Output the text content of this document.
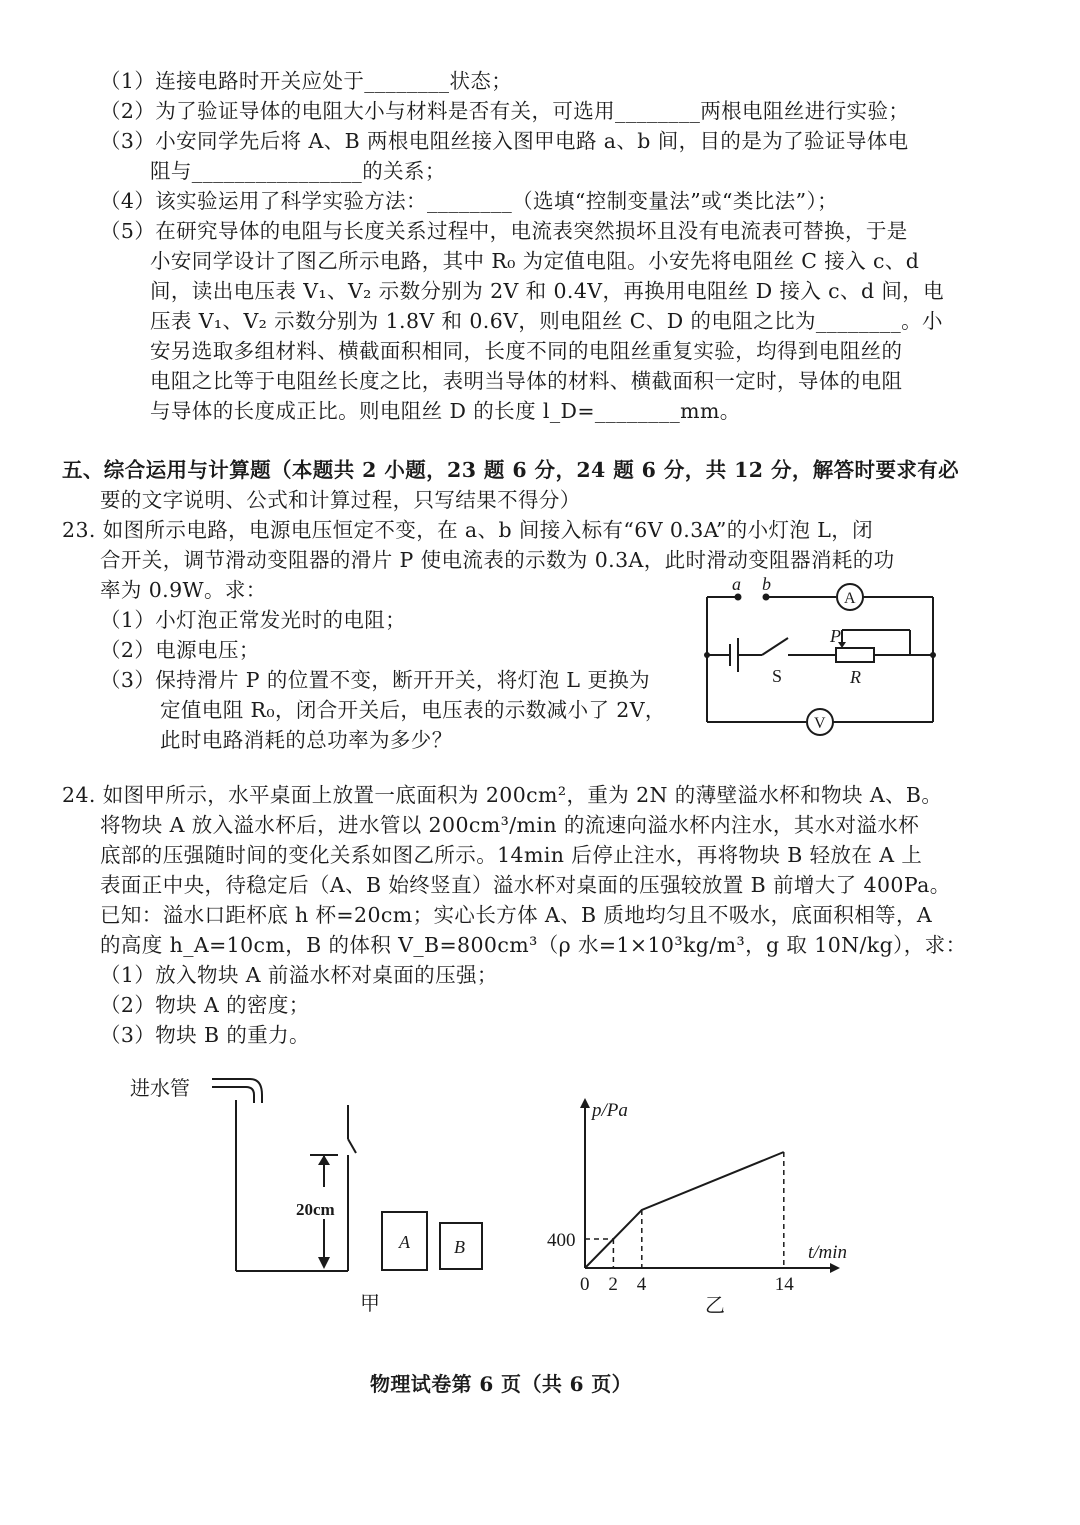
（1）连接电路时开关应处于________状态；
（2）为了验证导体的电阻大小与材料是否有关，可选用________两根电阻丝进行实验；
（3）小安同学先后将 A、B 两根电阻丝接入图甲电路 a、b 间，目的是为了验证导体电
阻与________________的关系；
（4）该实验运用了科学实验方法：________（选填“控制变量法”或“类比法”）；
（5）在研究导体的电阻与长度关系过程中，电流表突然损坏且没有电流表可替换，于是
小安同学设计了图乙所示电路，其中 R₀ 为定值电阻。小安先将电阻丝 C 接入 c、d
间，读出电压表 V₁、V₂ 示数分别为 2V 和 0.4V，再换用电阻丝 D 接入 c、d 间，电
压表 V₁、V₂ 示数分别为 1.8V 和 0.6V，则电阻丝 C、D 的电阻之比为________。小
安另选取多组材料、横截面积相同，长度不同的电阻丝重复实验，均得到电阻丝的
电阻之比等于电阻丝长度之比，表明当导体的材料、横截面积一定时，导体的电阻
与导体的长度成正比。则电阻丝 D 的长度 l_D=________mm。
五、综合运用与计算题（本题共 2 小题，23 题 6 分，24 题 6 分，共 12 分，解答时要求有必
要的文字说明、公式和计算过程，只写结果不得分）
23. 如图所示电路，电源电压恒定不变，在 a、b 间接入标有“6V 0.3A”的小灯泡 L，闭
合开关，调节滑动变阻器的滑片 P 使电流表的示数为 0.3A，此时滑动变阻器消耗的功
率为 0.9W。求：
（1）小灯泡正常发光时的电阻；
（2）电源电压；
（3）保持滑片 P 的位置不变，断开开关，将灯泡 L 更换为
定值电阻 R₀，闭合开关后，电压表的示数减小了 2V，
此时电路消耗的总功率为多少？
a b
A
V
S	R
P
24. 如图甲所示，水平桌面上放置一底面积为 200cm²，重为 2N 的薄壁溢水杯和物块 A、B。
将物块 A 放入溢水杯后，进水管以 200cm³/min 的流速向溢水杯内注水，其水对溢水杯
底部的压强随时间的变化关系如图乙所示。14min 后停止注水，再将物块 B 轻放在 A 上
表面正中央，待稳定后（A、B 始终竖直）溢水杯对桌面的压强较放置 B 前增大了 400Pa。
已知：溢水口距杯底 h 杯=20cm；实心长方体 A、B 质地均匀且不吸水，底面积相等，A
的高度 h_A=10cm，B 的体积 V_B=800cm³（ρ 水=1×10³kg/m³，g 取 10N/kg），求：
（1）放入物块 A 前溢水杯对桌面的压强；
（2）物块 A 的密度；
（3）物块 B 的重力。
进水管
20cm
A B
甲
p/Pa
t/min
0 2 4	14
400
乙
物理试卷第 6 页（共 6 页）
